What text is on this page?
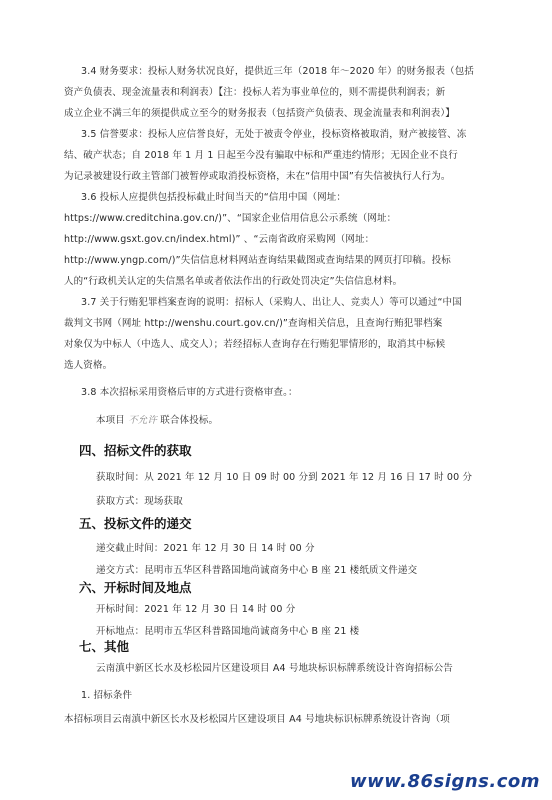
3.4 财务要求：投标人财务状况良好，提供近三年（2018 年～2020 年）的财务报表（包括
资产负债表、现金流量表和利润表）【注：投标人若为事业单位的，则不需提供利润表；新
成立企业不满三年的须提供成立至今的财务报表（包括资产负债表、现金流量表和利润表）】
3.5 信誉要求：投标人应信誉良好，无处于被责令停业，投标资格被取消，财产被接管、冻
结、破产状态；自 2018 年 1 月 1 日起至今没有骗取中标和严重违约情形；无因企业不良行
为记录被建设行政主管部门被暂停或取消投标资格，未在“信用中国”有失信被执行人行为。
3.6 投标人应提供包括投标截止时间当天的“信用中国（网址：
https://www.creditchina.gov.cn/)”、“国家企业信用信息公示系统（网址：
http://www.gsxt.gov.cn/index.html)” 、“云南省政府采购网（网址：
http://www.yngp.com/)”失信信息材料网站查询结果截图或查询结果的网页打印稿。投标
人的“行政机关认定的失信黑名单或者依法作出的行政处罚决定”失信信息材料。
3.7 关于行贿犯罪档案查询的说明：招标人（采购人、出让人、竞卖人）等可以通过“中国
裁判文书网（网址 http://wenshu.court.gov.cn/)”查询相关信息，且查询行贿犯罪档案
对象仅为中标人（中选人、成交人）；若经招标人查询存在行贿犯罪情形的，取消其中标候
选人资格。
3.8 本次招标采用资格后审的方式进行资格审查。：
本项目 不允许 联合体投标。
四、招标文件的获取
获取时间：从 2021 年 12 月 10 日 09 时 00 分到 2021 年 12 月 16 日 17 时 00 分
获取方式：现场获取
五、投标文件的递交
递交截止时间：2021 年 12 月 30 日 14 时 00 分
递交方式：昆明市五华区科普路国地尚诚商务中心 B 座 21 楼纸质文件递交
六、开标时间及地点
开标时间：2021 年 12 月 30 日 14 时 00 分
开标地点：昆明市五华区科普路国地尚诚商务中心 B 座 21 楼
七、其他
云南滇中新区长水及杉松园片区建设项目 A4 号地块标识标牌系统设计咨询招标公告
1. 招标条件
本招标项目云南滇中新区长水及杉松园片区建设项目 A4 号地块标识标牌系统设计咨询（项
www.86signs.com
